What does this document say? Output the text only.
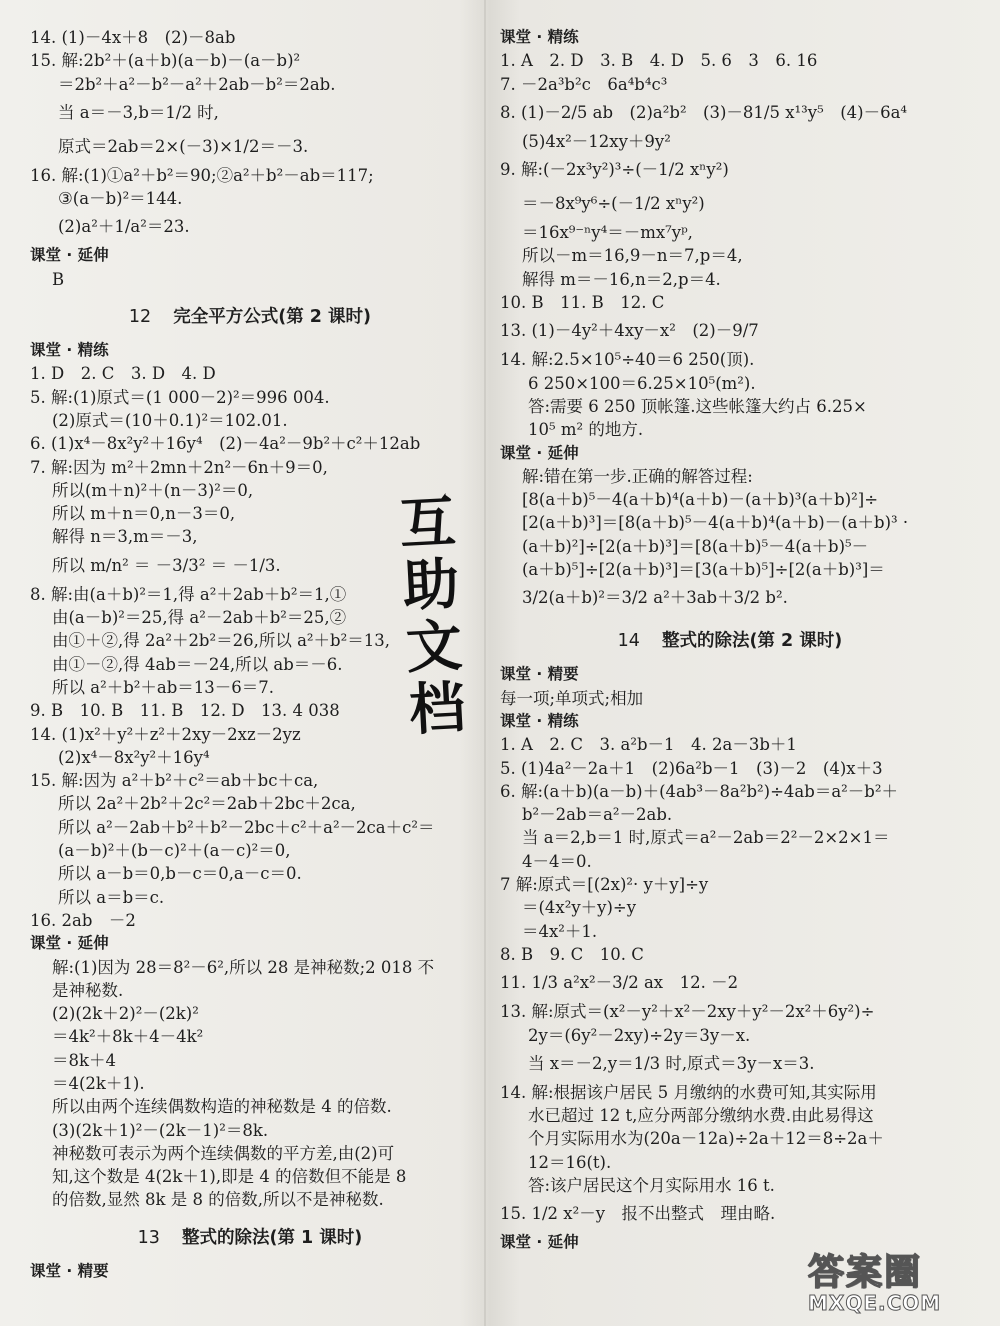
14. (1)－4x＋8　(2)－8ab
15. 解:2b²＋(a＋b)(a－b)－(a－b)²
＝2b²＋a²－b²－a²＋2ab－b²＝2ab.
当 a＝－3,b＝1/2 时,
原式＝2ab＝2×(－3)×1/2＝－3.
16. 解:(1)①a²＋b²＝90;②a²＋b²－ab＝117;
③(a－b)²＝144.
(2)a²＋1/a²＝23.
课堂 · 延伸
B
12 完全平方公式(第 2 课时)
课堂 · 精练
1. D　2. C　3. D　4. D
5. 解:(1)原式＝(1 000－2)²＝996 004.
(2)原式＝(10＋0.1)²＝102.01.
6. (1)x⁴－8x²y²＋16y⁴　(2)－4a²－9b²＋c²＋12ab
7. 解:因为 m²＋2mn＋2n²－6n＋9＝0,
所以(m＋n)²＋(n－3)²＝0,
所以 m＋n＝0,n－3＝0,
解得 n＝3,m＝－3,
所以 m/n² ＝ －3/3² ＝ －1/3.
8. 解:由(a＋b)²＝1,得 a²＋2ab＋b²＝1,①
由(a－b)²＝25,得 a²－2ab＋b²＝25,②
由①＋②,得 2a²＋2b²＝26,所以 a²＋b²＝13,
由①－②,得 4ab＝－24,所以 ab＝－6.
所以 a²＋b²＋ab＝13－6＝7.
9. B　10. B　11. B　12. D　13. 4 038
14. (1)x²＋y²＋z²＋2xy－2xz－2yz
(2)x⁴－8x²y²＋16y⁴
15. 解:因为 a²＋b²＋c²＝ab＋bc＋ca,
所以 2a²＋2b²＋2c²＝2ab＋2bc＋2ca,
所以 a²－2ab＋b²＋b²－2bc＋c²＋a²－2ca＋c²＝
(a－b)²＋(b－c)²＋(a－c)²＝0,
所以 a－b＝0,b－c＝0,a－c＝0.
所以 a＝b＝c.
16. 2ab　－2
课堂 · 延伸
解:(1)因为 28＝8²－6²,所以 28 是神秘数;2 018 不
是神秘数.
(2)(2k＋2)²－(2k)²
＝4k²＋8k＋4－4k²
＝8k＋4
＝4(2k＋1).
所以由两个连续偶数构造的神秘数是 4 的倍数.
(3)(2k＋1)²－(2k－1)²＝8k.
神秘数可表示为两个连续偶数的平方差,由(2)可
知,这个数是 4(2k＋1),即是 4 的倍数但不能是 8
的倍数,显然 8k 是 8 的倍数,所以不是神秘数.
13 整式的除法(第 1 课时)
课堂 · 精要
课堂 · 精练
1. A　2. D　3. B　4. D　5. 6　3　6. 16
7. －2a³b²c　6a⁴b⁴c³
8. (1)－2/5 ab　(2)a²b²　(3)－81/5 x¹³y⁵　(4)－6a⁴
(5)4x²－12xy＋9y²
9. 解:(－2x³y²)³÷(－1/2 xⁿy²)
＝－8x⁹y⁶÷(－1/2 xⁿy²)
＝16x⁹⁻ⁿy⁴＝－mx⁷yᵖ,
所以－m＝16,9－n＝7,p＝4,
解得 m＝－16,n＝2,p＝4.
10. B　11. B　12. C
13. (1)－4y²＋4xy－x²　(2)－9/7
14. 解:2.5×10⁵÷40＝6 250(顶).
6 250×100＝6.25×10⁵(m²).
答:需要 6 250 顶帐篷.这些帐篷大约占 6.25×
10⁵ m² 的地方.
课堂 · 延伸
解:错在第一步.正确的解答过程:
[8(a＋b)⁵－4(a＋b)⁴(a＋b)－(a＋b)³(a＋b)²]÷
[2(a＋b)³]＝[8(a＋b)⁵－4(a＋b)⁴(a＋b)－(a＋b)³ ·
(a＋b)²]÷[2(a＋b)³]＝[8(a＋b)⁵－4(a＋b)⁵－
(a＋b)⁵]÷[2(a＋b)³]＝[3(a＋b)⁵]÷[2(a＋b)³]＝
3/2(a＋b)²＝3/2 a²＋3ab＋3/2 b².
14 整式的除法(第 2 课时)
课堂 · 精要
每一项;单项式;相加
课堂 · 精练
1. A　2. C　3. a²b－1　4. 2a－3b＋1
5. (1)4a²－2a＋1　(2)6a²b－1　(3)－2　(4)x＋3
6. 解:(a＋b)(a－b)＋(4ab³－8a²b²)÷4ab＝a²－b²＋
b²－2ab＝a²－2ab.
当 a＝2,b＝1 时,原式＝a²－2ab＝2²－2×2×1＝
4－4＝0.
7 解:原式＝[(2x)²· y＋y]÷y
＝(4x²y＋y)÷y
＝4x²＋1.
8. B　9. C　10. C
11. 1/3 a²x²－3/2 ax　12. －2
13. 解:原式＝(x²－y²＋x²－2xy＋y²－2x²＋6y²)÷
2y＝(6y²－2xy)÷2y＝3y－x.
当 x＝－2,y＝1/3 时,原式＝3y－x＝3.
14. 解:根据该户居民 5 月缴纳的水费可知,其实际用
水已超过 12 t,应分两部分缴纳水费.由此易得这
个月实际用水为(20a－12a)÷2a＋12＝8÷2a＋
12＝16(t).
答:该户居民这个月实际用水 16 t.
15. 1/2 x²－y　报不出整式　理由略.
课堂 · 延伸
互
助
文
档
答案圈
MXQE.COM
